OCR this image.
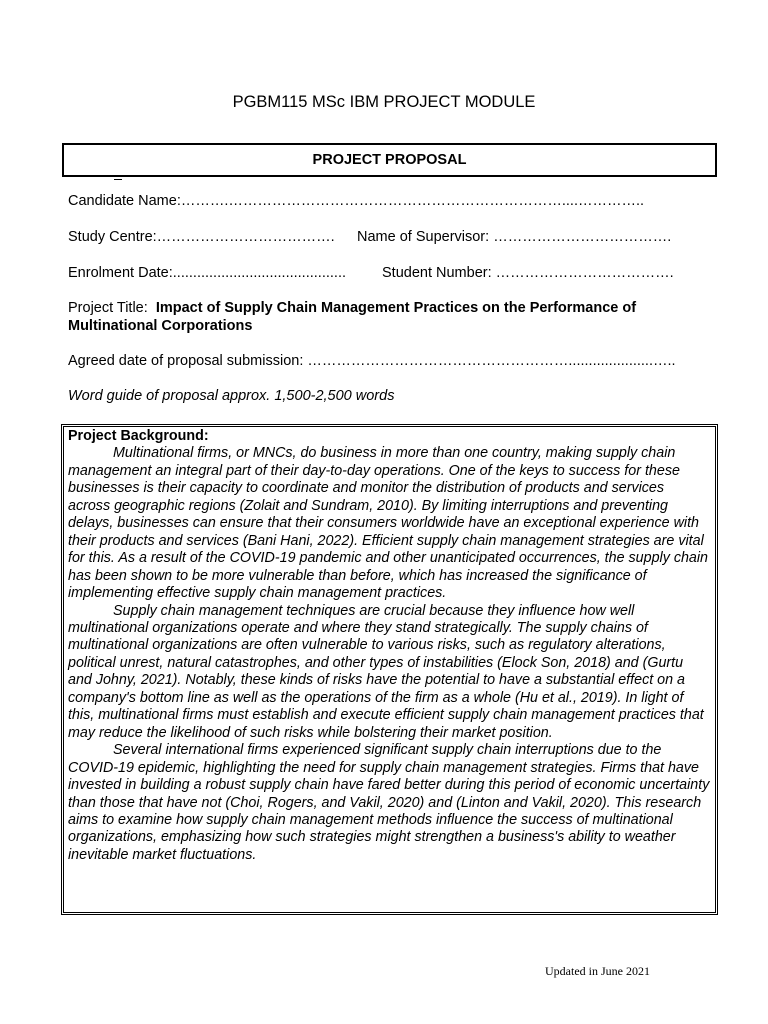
PGBM115 MSc IBM PROJECT MODULE
PROJECT PROPOSAL
Candidate Name:……….……………………………………………………………....…………..
Study Centre:………………………………. Name of Supervisor: ……………………………….
Enrolment Date:........................................... Student Number: ……………………………….
Project Title: Impact of Supply Chain Management Practices on the Performance of Multinational Corporations
Agreed date of proposal submission: ……………………………………………….....................…..
Word guide of proposal approx. 1,500-2,500 words
Project Background:

Multinational firms, or MNCs, do business in more than one country, making supply chain management an integral part of their day-to-day operations. One of the keys to success for these businesses is their capacity to coordinate and monitor the distribution of products and services across geographic regions (Zolait and Sundram, 2010). By limiting interruptions and preventing delays, businesses can ensure that their consumers worldwide have an exceptional experience with their products and services (Bani Hani, 2022). Efficient supply chain management strategies are vital for this. As a result of the COVID-19 pandemic and other unanticipated occurrences, the supply chain has been shown to be more vulnerable than before, which has increased the significance of implementing effective supply chain management practices.

Supply chain management techniques are crucial because they influence how well multinational organizations operate and where they stand strategically. The supply chains of multinational organizations are often vulnerable to various risks, such as regulatory alterations, political unrest, natural catastrophes, and other types of instabilities (Elock Son, 2018) and (Gurtu and Johny, 2021). Notably, these kinds of risks have the potential to have a substantial effect on a company's bottom line as well as the operations of the firm as a whole (Hu et al., 2019). In light of this, multinational firms must establish and execute efficient supply chain management practices that may reduce the likelihood of such risks while bolstering their market position.

Several international firms experienced significant supply chain interruptions due to the COVID-19 epidemic, highlighting the need for supply chain management strategies. Firms that have invested in building a robust supply chain have fared better during this period of economic uncertainty than those that have not (Choi, Rogers, and Vakil, 2020) and (Linton and Vakil, 2020). This research aims to examine how supply chain management methods influence the success of multinational organizations, emphasizing how such strategies might strengthen a business's ability to weather inevitable market fluctuations.

Updated in June 2021
